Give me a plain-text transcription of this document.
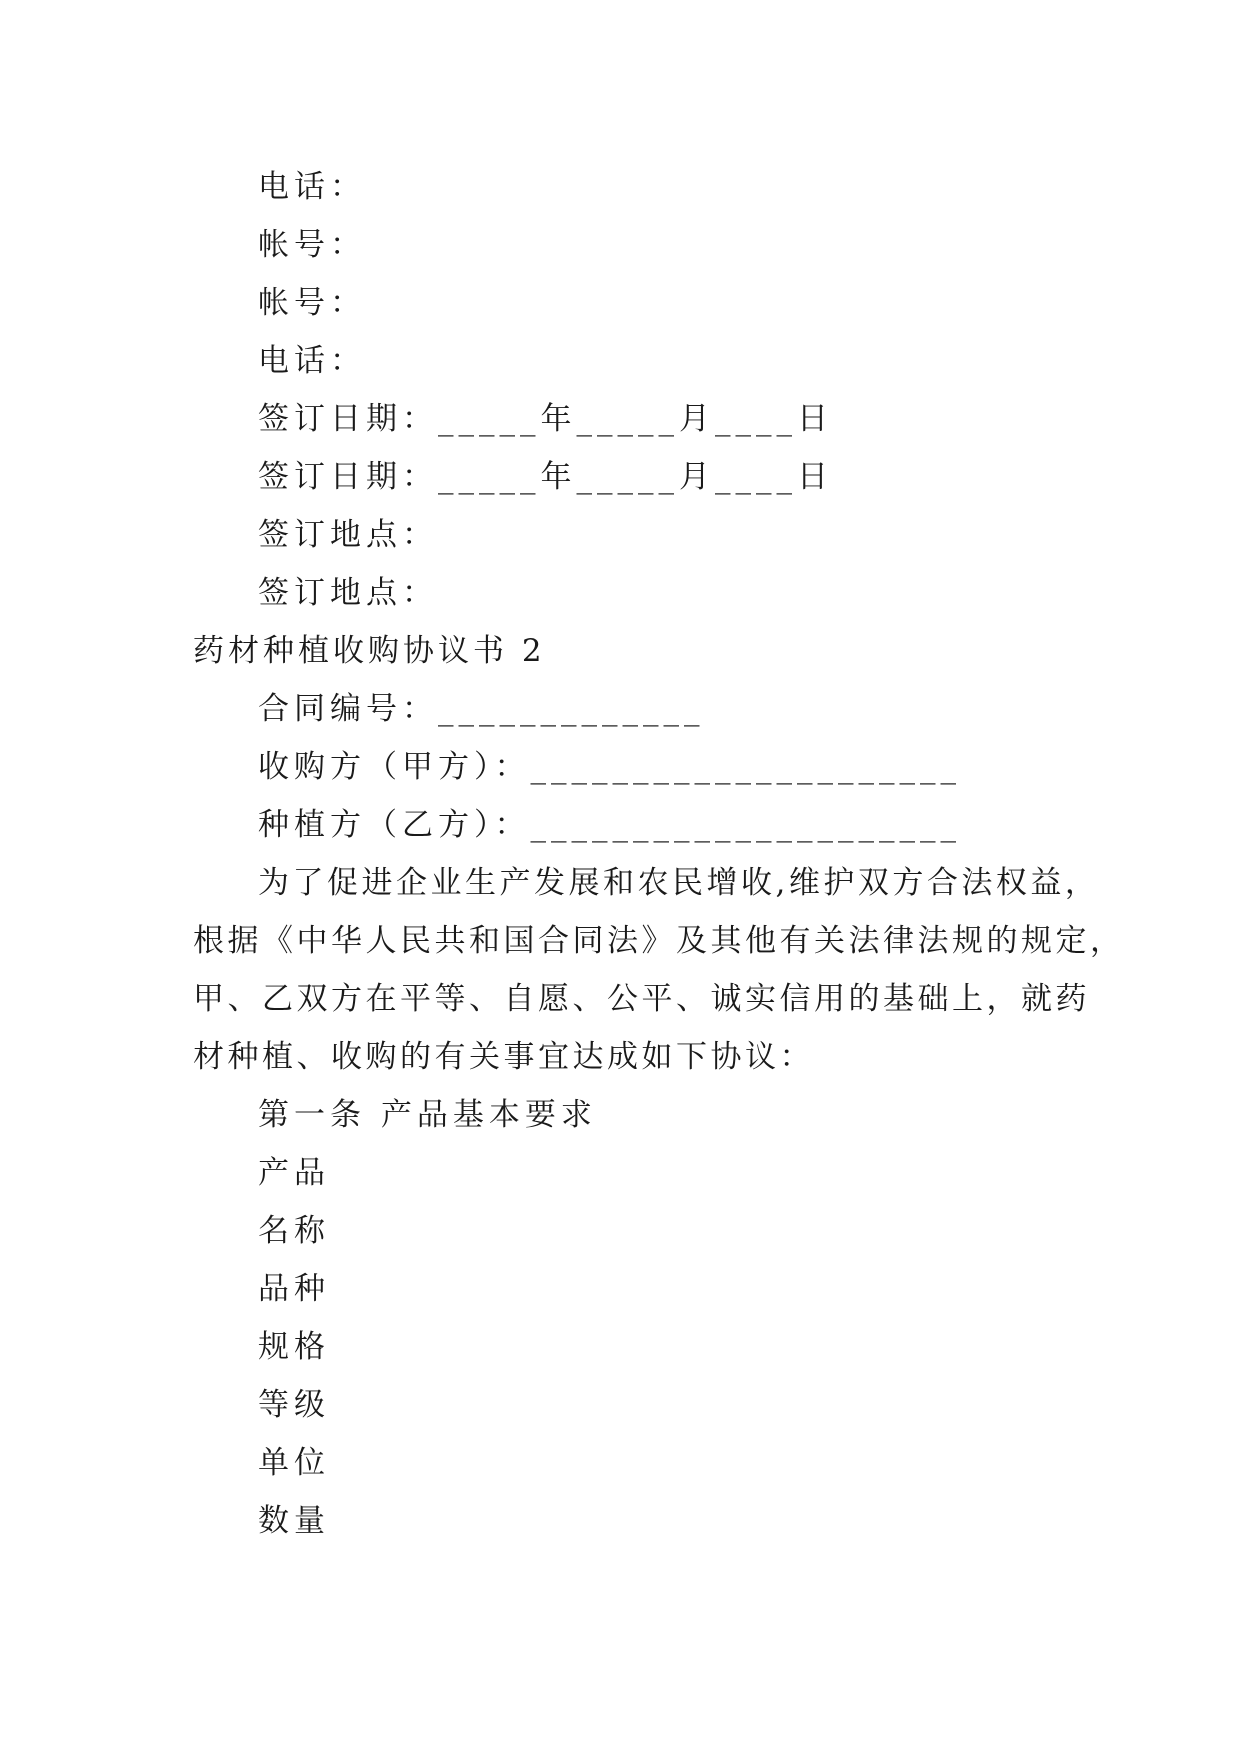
电话：
帐号：
帐号：
电话：
签订日期：_____年_____月____日
签订日期：_____年_____月____日
签订地点：
签订地点：
药材种植收购协议书 2
合同编号：_____________
收购方（甲方）：_____________________
种植方（乙方）：_____________________
为了促进企业生产发展和农民增收,维护双方合法权益，
根据《中华人民共和国合同法》及其他有关法律法规的规定，
甲、乙双方在平等、自愿、公平、诚实信用的基础上，就药
材种植、收购的有关事宜达成如下协议：
第一条 产品基本要求
产品
名称
品种
规格
等级
单位
数量
